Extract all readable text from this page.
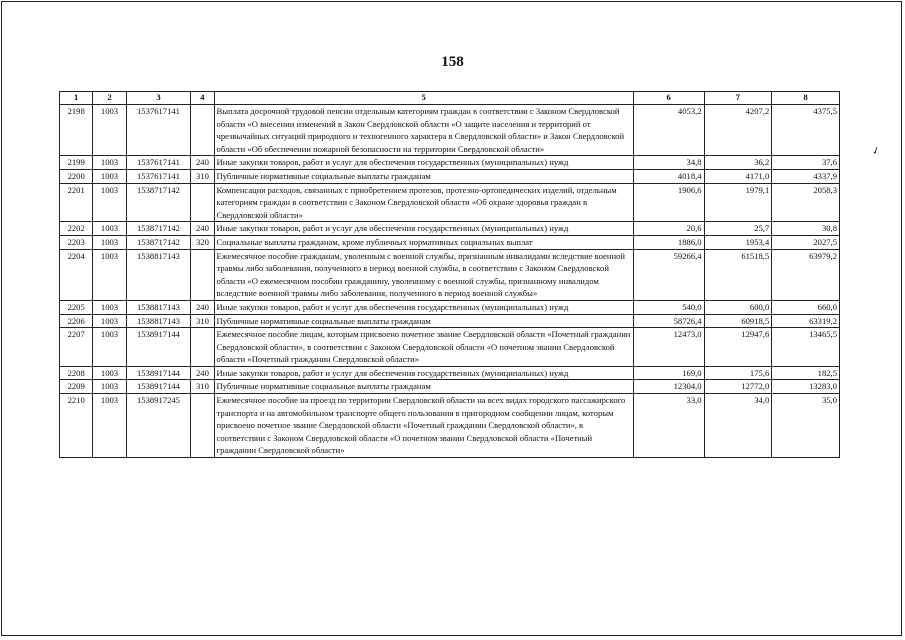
158
✓
1	2	3	4	5	6	7	8
2198	1003	1537617141		Выплата досрочной трудовой пенсии отдельным категориям граждан в соответствии с Законом Свердловской области «О внесении изменений в Закон Свердловской области «О защите населения и территорий от чрезвычайных ситуаций природного и техногенного характера в Свердловской области» и Закон Свердловской области «Об обеспечении пожарной безопасности на территории Свердловской области»	4053,2	4207,2	4375,5
2199	1003	1537617141	240	Иные закупки товаров, работ и услуг для обеспечения государственных (муниципальных) нужд	34,8	36,2	37,6
2200	1003	1537617141	310	Публичные нормативные социальные выплаты гражданам	4018,4	4171,0	4337,9
2201	1003	1538717142		Компенсация расходов, связанных с приобретением протезов, протезно-ортопедических изделий, отдельным категориям граждан в соответствии с Законом Свердловской области «Об охране здоровья граждан в Свердловской области»	1906,6	1979,1	2058,3
2202	1003	1538717142	240	Иные закупки товаров, работ и услуг для обеспечения государственных (муниципальных) нужд	20,6	25,7	30,8
2203	1003	1538717142	320	Социальные выплаты гражданам, кроме публичных нормативных социальных выплат	1886,0	1953,4	2027,5
2204	1003	1538817143		Ежемесячное пособие гражданам, уволенным с военной службы, признанным инвалидами вследствие военной травмы либо заболевания, полученного в период военной службы, в соответствии с Законом Свердловской области «О ежемесячном пособии гражданину, уволенному с военной службы, признанному инвалидом вследствие военной травмы либо заболевания, полученного в период военной службы»	59266,4	61518,5	63979,2
2205	1003	1538817143	240	Иные закупки товаров, работ и услуг для обеспечения государственных (муниципальных) нужд	540,0	600,0	660,0
2206	1003	1538817143	310	Публичные нормативные социальные выплаты гражданам	58726,4	60918,5	63319,2
2207	1003	1538917144		Ежемесячное пособие лицам, которым присвоено почетное звание Свердловской области «Почетный гражданин Свердловской области», в соответствии с Законом Свердловской области «О почетном звании Свердловской области «Почетный гражданин Свердловской области»	12473,0	12947,6	13465,5
2208	1003	1538917144	240	Иные закупки товаров, работ и услуг для обеспечения государственных (муниципальных) нужд	169,0	175,6	182,5
2209	1003	1538917144	310	Публичные нормативные социальные выплаты гражданам	12304,0	12772,0	13283,0
2210	1003	1538917245		Ежемесячное пособие на проезд по территории Свердловской области на всех видах городского пассажирского транспорта и на автомобильном транспорте общего пользования в пригородном сообщении лицам, которым присвоено почетное звание Свердловской области «Почетный гражданин Свердловской области», в соответствии с Законом Свердловской области «О почетном звании Свердловской области «Почетный гражданин Свердловской области»	33,0	34,0	35,0
